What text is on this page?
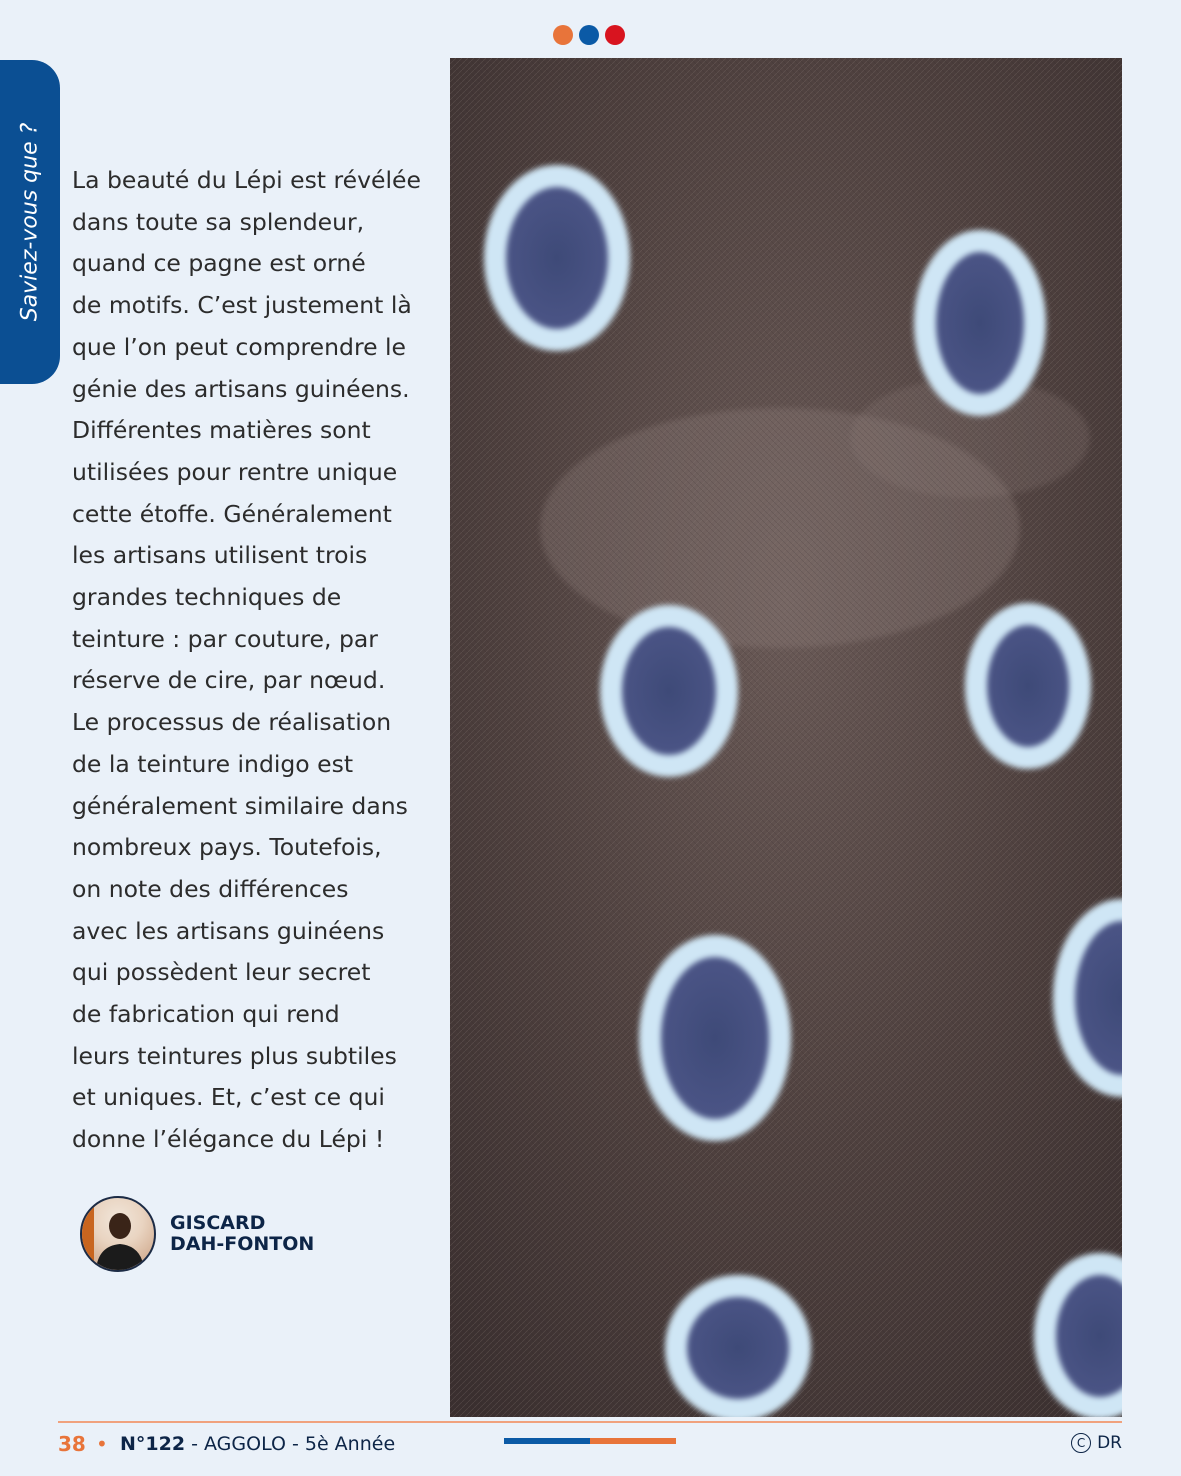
Saviez-vous que ? La beauté du Lépi est révélée
dans toute sa splendeur,
quand ce pagne est orné
de motifs. C’est justement là
que l’on peut comprendre le
génie des artisans guinéens.
Différentes matières sont
utilisées pour rentre unique
cette étoffe. Généralement
les artisans utilisent trois
grandes techniques de
teinture : par couture, par
réserve de cire, par nœud.
Le processus de réalisation
de la teinture indigo est
généralement similaire dans
nombreux pays. Toutefois,
on note des différences
avec les artisans guinéens
qui possèdent leur secret
de fabrication qui rend
leurs teintures plus subtiles
et uniques. Et, c’est ce qui
donne l’élégance du Lépi !
GISCARD
DAH-FONTON
38 • N°122 - AGGOLO - 5è Année	C DR
